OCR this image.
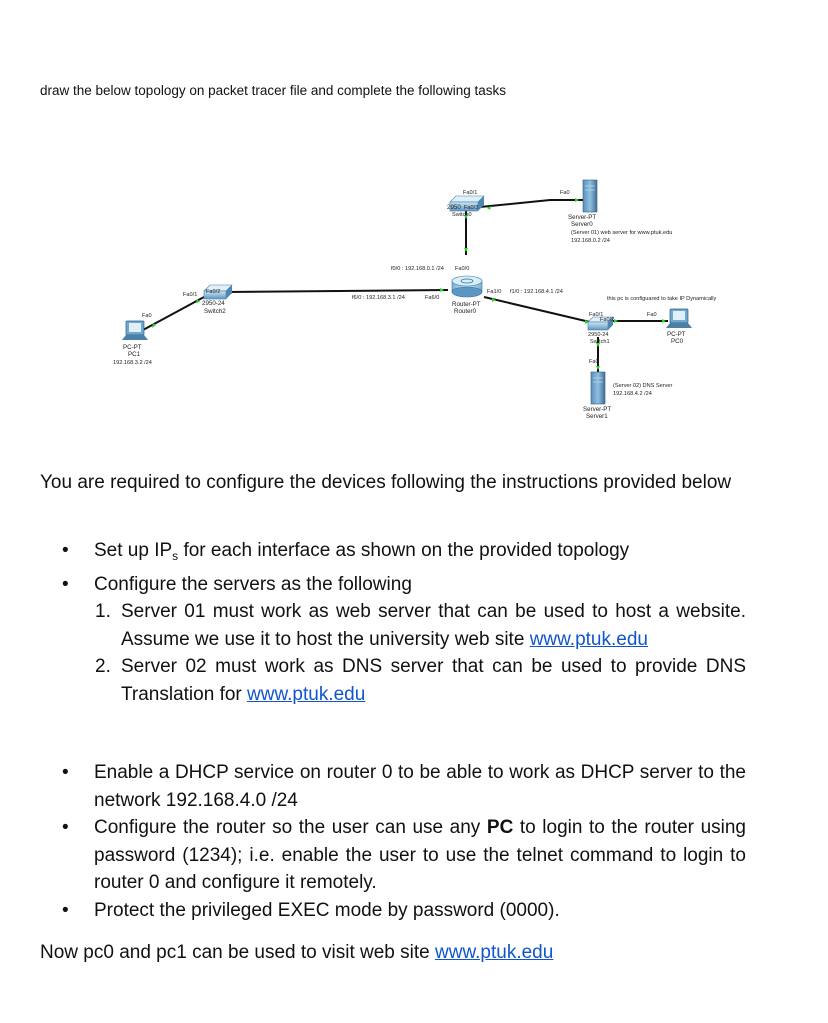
draw the below topology on packet tracer file and complete the following tasks
Fa0/1
2950 Fa0/3
Switch0
Fa0
Server-PT
Server0
(Server 01) web server for www.ptuk.edu
192.168.0.2 /24
f0/0 : 192.168.0.1 /24 Fa0/0
f6/0 : 192.168.3.1 /24	Fa6/0
Fa1/0 f1/0 : 192.168.4.1 /24
Router-PT
Router0
Fa0/1 Fa0/2
2950-24
Switch2
Fa0
PC-PT
PC1
192.168.3.2 /24
Fa0/1
Fa0/2
2950-24
Switch1
this pc is configuared to take IP Dynamically
Fa0
PC-PT
PC0
Fa0
(Server 02) DNS Server
192.168.4.2 /24
Server-PT
Server1
You are required to configure the devices following the instructions provided below
• Set up $IP_s$ for each interface as shown on the provided topology
• Configure the servers as the following
1. Server 01 must work as web server that can be used to host a website. Assume we use it to host the university web site www.ptuk.edu
2. Server 02 must work as DNS server that can be used to provide DNS Translation for www.ptuk.edu
• Enable a DHCP service on router 0 to be able to work as DHCP server to the network 192.168.4.0 /24
• Configure the router so the user can use any PC to login to the router using password (1234); i.e. enable the user to use the telnet command to login to router 0 and configure it remotely.
• Protect the privileged EXEC mode by password (0000).
Now pc0 and pc1 can be used to visit web site www.ptuk.edu
